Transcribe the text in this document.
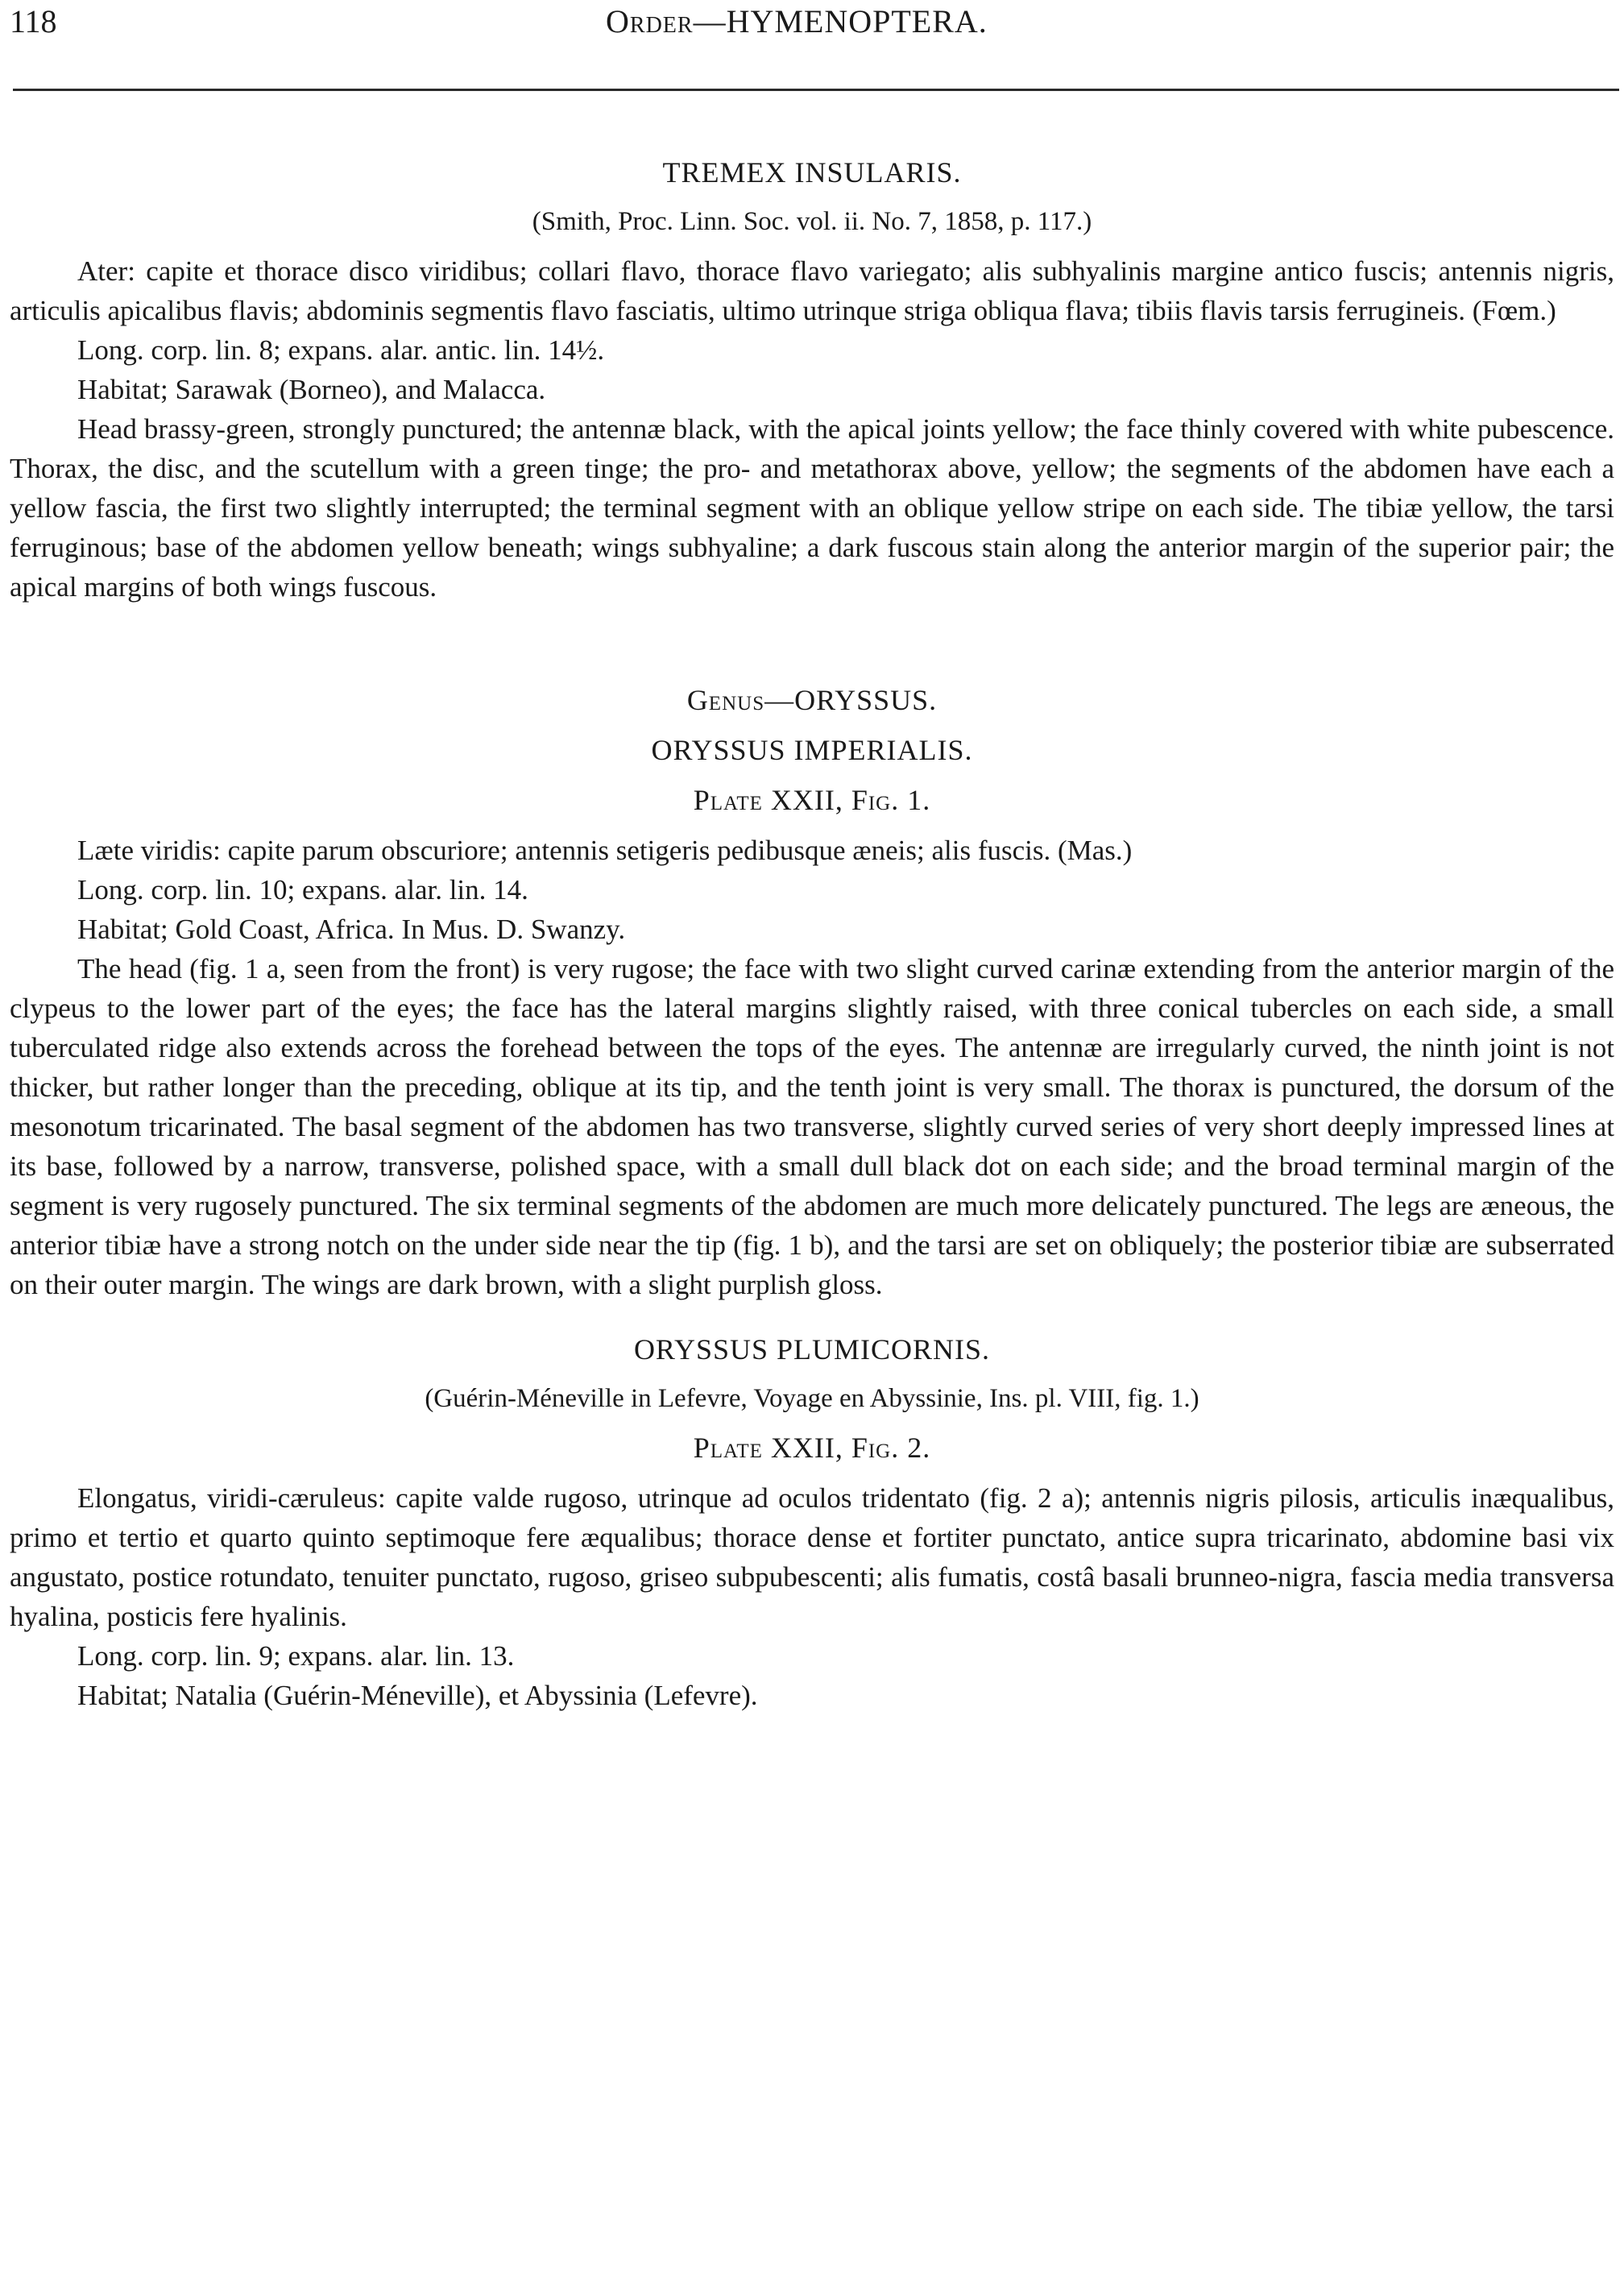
118	Order—HYMENOPTERA.

TREMEX INSULARIS.

(Smith, Proc. Linn. Soc. vol. ii. No. 7, 1858, p. 117.)

Ater: capite et thorace disco viridibus; collari flavo, thorace flavo variegato; alis subhyalinis margine antico fuscis; antennis nigris, articulis apicalibus flavis; abdominis segmentis flavo fasciatis, ultimo utrinque striga obliqua flava; tibiis flavis tarsis ferrugineis. (Fœm.)

Long. corp. lin. 8; expans. alar. antic. lin. 14½.

Habitat; Sarawak (Borneo), and Malacca.

Head brassy-green, strongly punctured; the antennæ black, with the apical joints yellow; the face thinly covered with white pubescence. Thorax, the disc, and the scutellum with a green tinge; the pro- and metathorax above, yellow; the segments of the abdomen have each a yellow fascia, the first two slightly interrupted; the terminal segment with an oblique yellow stripe on each side. The tibiæ yellow, the tarsi ferruginous; base of the abdomen yellow beneath; wings subhyaline; a dark fuscous stain along the anterior margin of the superior pair; the apical margins of both wings fuscous.

Genus—ORYSSUS.

ORYSSUS IMPERIALIS.

Plate XXII, Fig. 1.

Læte viridis: capite parum obscuriore; antennis setigeris pedibusque æneis; alis fuscis. (Mas.)

Long. corp. lin. 10; expans. alar. lin. 14.

Habitat; Gold Coast, Africa. In Mus. D. Swanzy.

The head (fig. 1 a, seen from the front) is very rugose; the face with two slight curved carinæ extending from the anterior margin of the clypeus to the lower part of the eyes; the face has the lateral margins slightly raised, with three conical tubercles on each side, a small tuberculated ridge also extends across the forehead between the tops of the eyes. The antennæ are irregularly curved, the ninth joint is not thicker, but rather longer than the preceding, oblique at its tip, and the tenth joint is very small. The thorax is punctured, the dorsum of the mesonotum tricarinated. The basal segment of the abdomen has two transverse, slightly curved series of very short deeply impressed lines at its base, followed by a narrow, transverse, polished space, with a small dull black dot on each side; and the broad terminal margin of the segment is very rugosely punctured. The six terminal segments of the abdomen are much more delicately punctured. The legs are æneous, the anterior tibiæ have a strong notch on the under side near the tip (fig. 1 b), and the tarsi are set on obliquely; the posterior tibiæ are subserrated on their outer margin. The wings are dark brown, with a slight purplish gloss.

ORYSSUS PLUMICORNIS.

(Guérin-Méneville in Lefevre, Voyage en Abyssinie, Ins. pl. VIII, fig. 1.)

Plate XXII, Fig. 2.

Elongatus, viridi-cæruleus: capite valde rugoso, utrinque ad oculos tridentato (fig. 2 a); antennis nigris pilosis, articulis inæqualibus, primo et tertio et quarto quinto septimoque fere æqualibus; thorace dense et fortiter punctato, antice supra tricarinato, abdomine basi vix angustato, postice rotundato, tenuiter punctato, rugoso, griseo subpubescenti; alis fumatis, costâ basali brunneo-nigra, fascia media transversa hyalina, posticis fere hyalinis.

Long. corp. lin. 9; expans. alar. lin. 13.

Habitat; Natalia (Guérin-Méneville), et Abyssinia (Lefevre).
